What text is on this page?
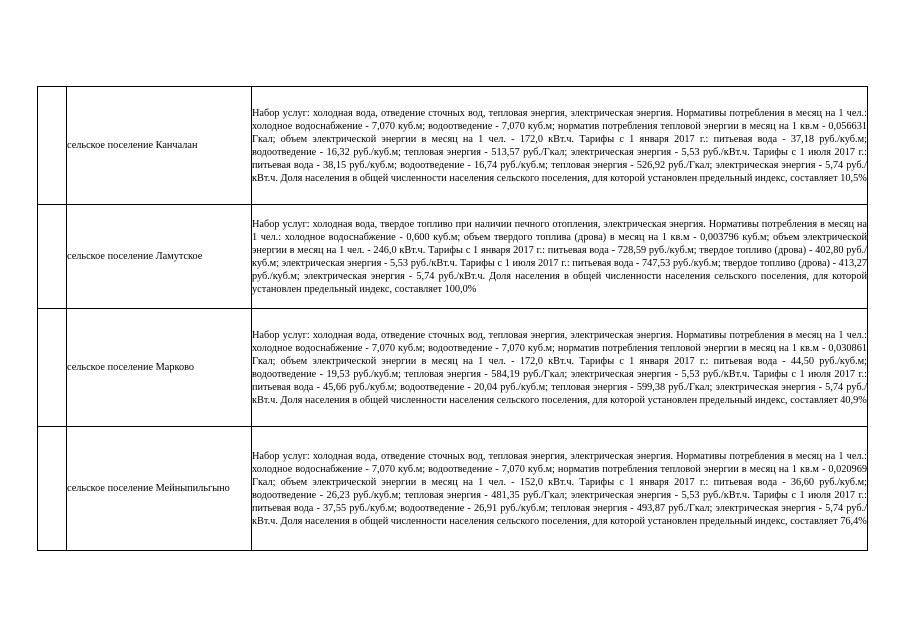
	сельское поселение Канчалан	Набор услуг: холодная вода, отведение сточных вод, тепловая энергия, электрическая энергия. Нормативы потребления в месяц на 1 чел.: холодное водоснабжение - 7,070 куб.м; водоотведение - 7,070 куб.м; норматив потребления тепловой энергии в месяц на 1 кв.м - 0,056631 Гкал; объем электрической энергии в месяц на 1 чел. - 172,0 кВт.ч. Тарифы с 1 января 2017 г.: питьевая вода - 37,18 руб./куб.м; водоотведение - 16,32 руб./куб.м; тепловая энергия - 513,57 руб./Гкал; электрическая энергия - 5,53 руб./кВт.ч. Тарифы с 1 июля 2017 г.: питьевая вода - 38,15 руб./куб.м; водоотведение - 16,74 руб./куб.м; тепловая энергия - 526,92 руб./Гкал; электрическая энергия - 5,74 руб./кВт.ч. Доля населения в общей численности населения сельского поселения, для которой установлен предельный индекс, составляет 10,5%
	сельское поселение Ламутское	Набор услуг: холодная вода, твердое топливо при наличии печного отопления, электрическая энергия. Нормативы потребления в месяц на 1 чел.: холодное водоснабжение - 0,600 куб.м; объем твердого топлива (дрова) в месяц на 1 кв.м - 0,003796 куб.м; объем электрической энергии в месяц на 1 чел. - 246,0 кВт.ч. Тарифы с 1 января 2017 г.: питьевая вода - 728,59 руб./куб.м; твердое топливо (дрова) - 402,80 руб./куб.м; электрическая энергия - 5,53 руб./кВт.ч. Тарифы с 1 июля 2017 г.: питьевая вода - 747,53 руб./куб.м; твердое топливо (дрова) - 413,27 руб./куб.м; электрическая энергия - 5,74 руб./кВт.ч. Доля населения в общей численности населения сельского поселения, для которой установлен предельный индекс, составляет 100,0%
	сельское поселение Марково	Набор услуг: холодная вода, отведение сточных вод, тепловая энергия, электрическая энергия. Нормативы потребления в месяц на 1 чел.: холодное водоснабжение - 7,070 куб.м; водоотведение - 7,070 куб.м; норматив потребления тепловой энергии в месяц на 1 кв.м - 0,030861 Гкал; объем электрической энергии в месяц на 1 чел. - 172,0 кВт.ч. Тарифы с 1 января 2017 г.: питьевая вода - 44,50 руб./куб.м; водоотведение - 19,53 руб./куб.м; тепловая энергия - 584,19 руб./Гкал; электрическая энергия - 5,53 руб./кВт.ч. Тарифы с 1 июля 2017 г.: питьевая вода - 45,66 руб./куб.м; водоотведение - 20,04 руб./куб.м; тепловая энергия - 599,38 руб./Гкал; электрическая энергия - 5,74 руб./кВт.ч. Доля населения в общей численности населения сельского поселения, для которой установлен предельный индекс, составляет 40,9%
	сельское поселение Мейныпильгыно	Набор услуг: холодная вода, отведение сточных вод, тепловая энергия, электрическая энергия. Нормативы потребления в месяц на 1 чел.: холодное водоснабжение - 7,070 куб.м; водоотведение - 7,070 куб.м; норматив потребления тепловой энергии в месяц на 1 кв.м - 0,020969 Гкал; объем электрической энергии в месяц на 1 чел. - 152,0 кВт.ч. Тарифы с 1 января 2017 г.: питьевая вода - 36,60 руб./куб.м; водоотведение - 26,23 руб./куб.м; тепловая энергия - 481,35 руб./Гкал; электрическая энергия - 5,53 руб./кВт.ч. Тарифы с 1 июля 2017 г.: питьевая вода - 37,55 руб./куб.м; водоотведение - 26,91 руб./куб.м; тепловая энергия - 493,87 руб./Гкал; электрическая энергия - 5,74 руб./кВт.ч. Доля населения в общей численности населения сельского поселения, для которой установлен предельный индекс, составляет 76,4%
